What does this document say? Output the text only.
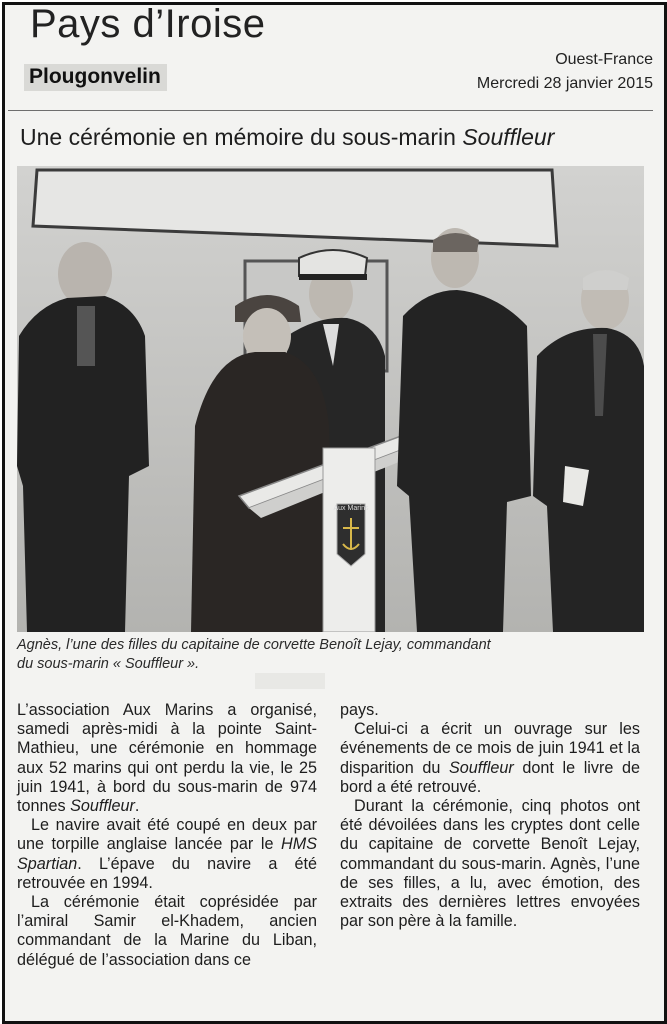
Pays d’Iroise
Plougonvelin
Ouest-France
Mercredi 28 janvier 2015
Une cérémonie en mémoire du sous-marin Souffleur
Aux Marins
Agnès, l’une des filles du capitaine de corvette Benoît Lejay, commandant
du sous-marin « Souffleur ».

L’association Aux Marins a organisé, samedi après-midi à la pointe Saint-Mathieu, une cérémonie en hommage aux 52 marins qui ont perdu la vie, le 25 juin 1941, à bord du sous-marin de 974 tonnes Souffleur.

Le navire avait été coupé en deux par une torpille anglaise lancée par le HMS Spartian. L’épave du navire a été retrouvée en 1994.

La cérémonie était coprésidée par l’amiral Samir el-Khadem, ancien commandant de la Marine du Liban, délégué de l’association dans ce

pays.

Celui-ci a écrit un ouvrage sur les événements de ce mois de juin 1941 et la disparition du Souffleur dont le livre de bord a été retrouvé.

Durant la cérémonie, cinq photos ont été dévoilées dans les cryptes dont celle du capitaine de corvette Benoît Lejay, commandant du sous-marin. Agnès, l’une de ses filles, a lu, avec émotion, des extraits des dernières lettres envoyées par son père à la famille.
